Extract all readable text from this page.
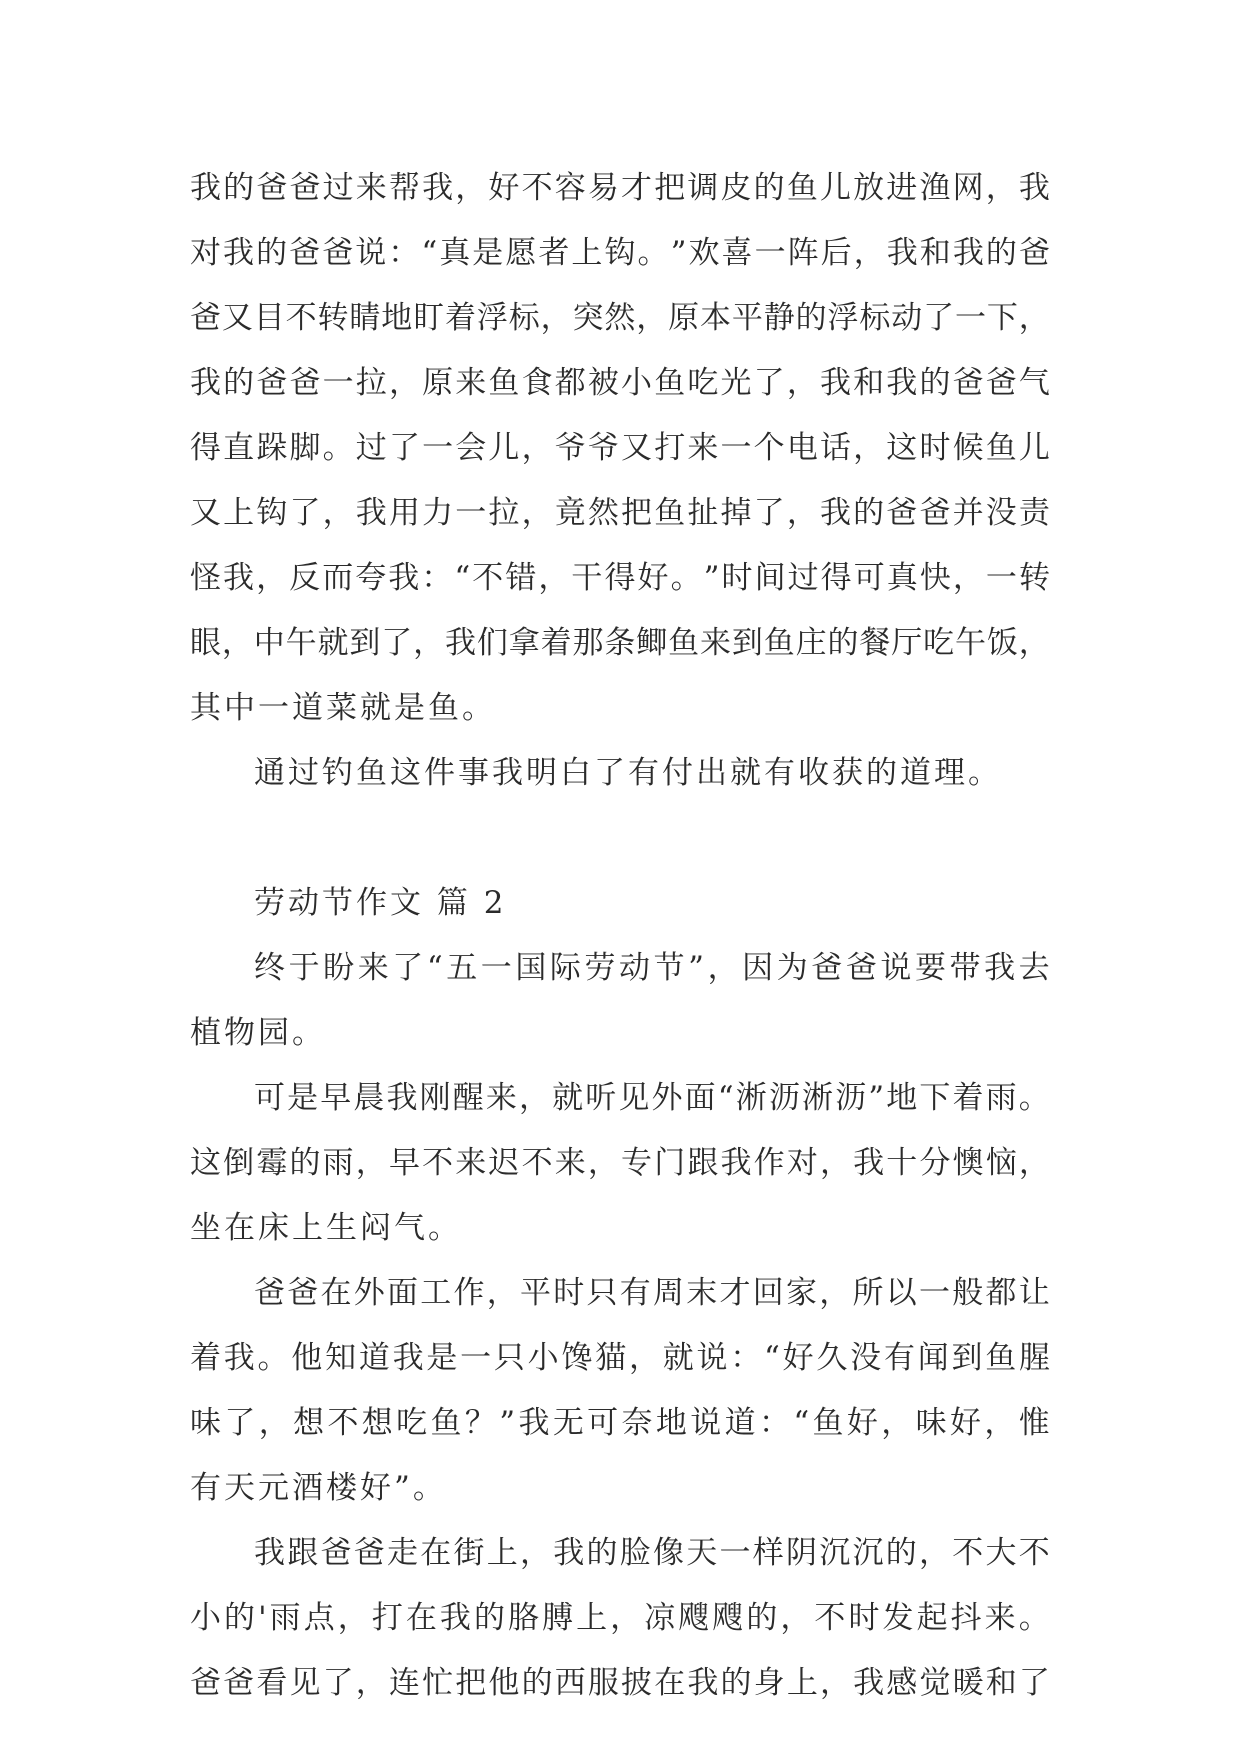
我 的 爸 爸 过 来 帮 我 ， 好 不 容 易 才 把 调 皮 的 鱼 儿 放 进 渔 网 ， 我
对 我 的 爸 爸 说 ： “ 真 是 愿 者 上 钩 。 ” 欢 喜 一 阵 后 ， 我 和 我 的 爸
爸 又 目 不 转 睛 地 盯 着 浮 标 ， 突 然 ， 原 本 平 静 的 浮 标 动 了 一 下 ，
我 的 爸 爸 一 拉 ， 原 来 鱼 食 都 被 小 鱼 吃 光 了 ， 我 和 我 的 爸 爸 气
得 直 跺 脚 。 过 了 一 会 儿 ， 爷 爷 又 打 来 一 个 电 话 ， 这 时 候 鱼 儿
又 上 钩 了 ， 我 用 力 一 拉 ， 竟 然 把 鱼 扯 掉 了 ， 我 的 爸 爸 并 没 责
怪 我 ， 反 而 夸 我 ： “ 不 错 ， 干 得 好 。 ” 时 间 过 得 可 真 快 ， 一 转
眼 ， 中 午 就 到 了 ， 我 们 拿 着 那 条 鲫 鱼 来 到 鱼 庄 的 餐 厅 吃 午 饭 ，
其中一道菜就是鱼。
通过钓鱼这件事我明白了有付出就有收获的道理。
劳动节作文 篇 2
终 于 盼 来 了 “ 五 一 国 际 劳 动 节 ” ， 因 为 爸 爸 说 要 带 我 去
植物园。
可 是 早 晨 我 刚 醒 来 ， 就 听 见 外 面 “ 淅 沥 淅 沥 ” 地 下 着 雨 。
这 倒 霉 的 雨 ， 早 不 来 迟 不 来 ， 专 门 跟 我 作 对 ， 我 十 分 懊 恼 ，
坐在床上生闷气。
爸 爸 在 外 面 工 作 ， 平 时 只 有 周 末 才 回 家 ， 所 以 一 般 都 让
着 我 。 他 知 道 我 是 一 只 小 馋 猫 ， 就 说 ： “ 好 久 没 有 闻 到 鱼 腥
味 了 ， 想 不 想 吃 鱼 ？ ” 我 无 可 奈 地 说 道 ： “ 鱼 好 ， 味 好 ， 惟
有天元酒楼好”。
我 跟 爸 爸 走 在 街 上 ， 我 的 脸 像 天 一 样 阴 沉 沉 的 ， 不 大 不
小 的 ' 雨 点 ， 打 在 我 的 胳 膊 上 ， 凉 飕 飕 的 ， 不 时 发 起 抖 来 。
爸 爸 看 见 了 ， 连 忙 把 他 的 西 服 披 在 我 的 身 上 ， 我 感 觉 暖 和 了
